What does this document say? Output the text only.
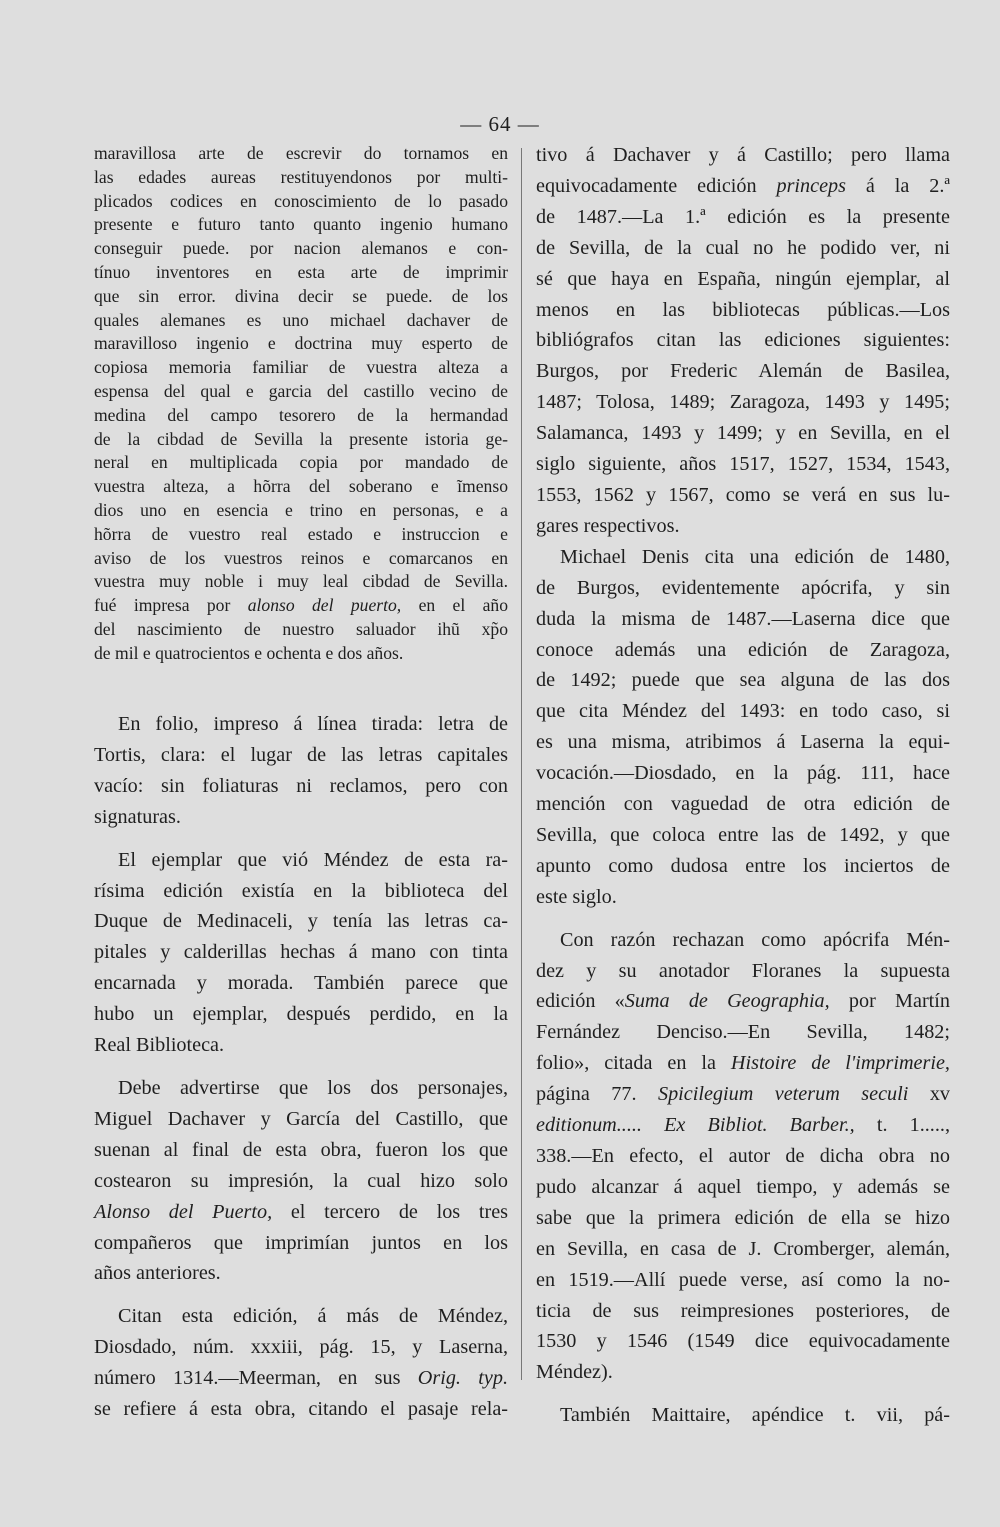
— 64 —

maravillosa arte de escrevir do tornamos en
las edades aureas restituyendonos por multi-
plicados codices en conoscimiento de lo pasado
presente e futuro tanto quanto ingenio humano
conseguir puede. por nacion alemanos e con-
tínuo inventores en esta arte de imprimir
que sin error. divina decir se puede. de los
quales alemanes es uno michael dachaver de
maravilloso ingenio e doctrina muy esperto de
copiosa memoria familiar de vuestra alteza a
espensa del qual e garcia del castillo vecino de
medina del campo tesorero de la hermandad
de la cibdad de Sevilla la presente istoria ge-
neral en multiplicada copia por mandado de
vuestra alteza, a hõrra del soberano e ĩmenso
dios uno en esencia e trino en personas, e a
hõrra de vuestro real estado e instruccion e
aviso de los vuestros reinos e comarcanos en
vuestra muy noble i muy leal cibdad de Sevilla.
fué impresa por alonso del puerto, en el año
del nascimiento de nuestro saluador ihũ xp̃o
de mil e quatrocientos e ochenta e dos años.

En folio, impreso á línea tirada: letra de
Tortis, clara: el lugar de las letras capitales
vacío: sin foliaturas ni reclamos, pero con
signaturas.

El ejemplar que vió Méndez de esta ra-
rísima edición existía en la biblioteca del
Duque de Medinaceli, y tenía las letras ca-
pitales y calderillas hechas á mano con tinta
encarnada y morada. También parece que
hubo un ejemplar, después perdido, en la
Real Biblioteca.

Debe advertirse que los dos personajes,
Miguel Dachaver y García del Castillo, que
suenan al final de esta obra, fueron los que
costearon su impresión, la cual hizo solo
Alonso del Puerto, el tercero de los tres
compañeros que imprimían juntos en los
años anteriores.

Citan esta edición, á más de Méndez,
Diosdado, núm. xxxiii, pág. 15, y Laserna,
número 1314.—Meerman, en sus Orig. typ.
se refiere á esta obra, citando el pasaje rela-

tivo á Dachaver y á Castillo; pero llama
equivocadamente edición princeps á la 2.ª
de 1487.—La 1.ª edición es la presente
de Sevilla, de la cual no he podido ver, ni
sé que haya en España, ningún ejemplar, al
menos en las bibliotecas públicas.—Los
bibliógrafos citan las ediciones siguientes:
Burgos, por Frederic Alemán de Basilea,
1487; Tolosa, 1489; Zaragoza, 1493 y 1495;
Salamanca, 1493 y 1499; y en Sevilla, en el
siglo siguiente, años 1517, 1527, 1534, 1543,
1553, 1562 y 1567, como se verá en sus lu-
gares respectivos.

Michael Denis cita una edición de 1480,
de Burgos, evidentemente apócrifa, y sin
duda la misma de 1487.—Laserna dice que
conoce además una edición de Zaragoza,
de 1492; puede que sea alguna de las dos
que cita Méndez del 1493: en todo caso, si
es una misma, atribimos á Laserna la equi-
vocación.—Diosdado, en la pág. 111, hace
mención con vaguedad de otra edición de
Sevilla, que coloca entre las de 1492, y que
apunto como dudosa entre los inciertos de
este siglo.

Con razón rechazan como apócrifa Mén-
dez y su anotador Floranes la supuesta
edición «Suma de Geographia, por Martín
Fernández Denciso.—En Sevilla, 1482;
folio», citada en la Histoire de l'imprimerie,
página 77. Spicilegium veterum seculi xv
editionum..... Ex Bibliot. Barber., t. 1.....,
338.—En efecto, el autor de dicha obra no
pudo alcanzar á aquel tiempo, y además se
sabe que la primera edición de ella se hizo
en Sevilla, en casa de J. Cromberger, alemán,
en 1519.—Allí puede verse, así como la no-
ticia de sus reimpresiones posteriores, de
1530 y 1546 (1549 dice equivocadamente
Méndez).

También Maittaire, apéndice t. vii, pá-
